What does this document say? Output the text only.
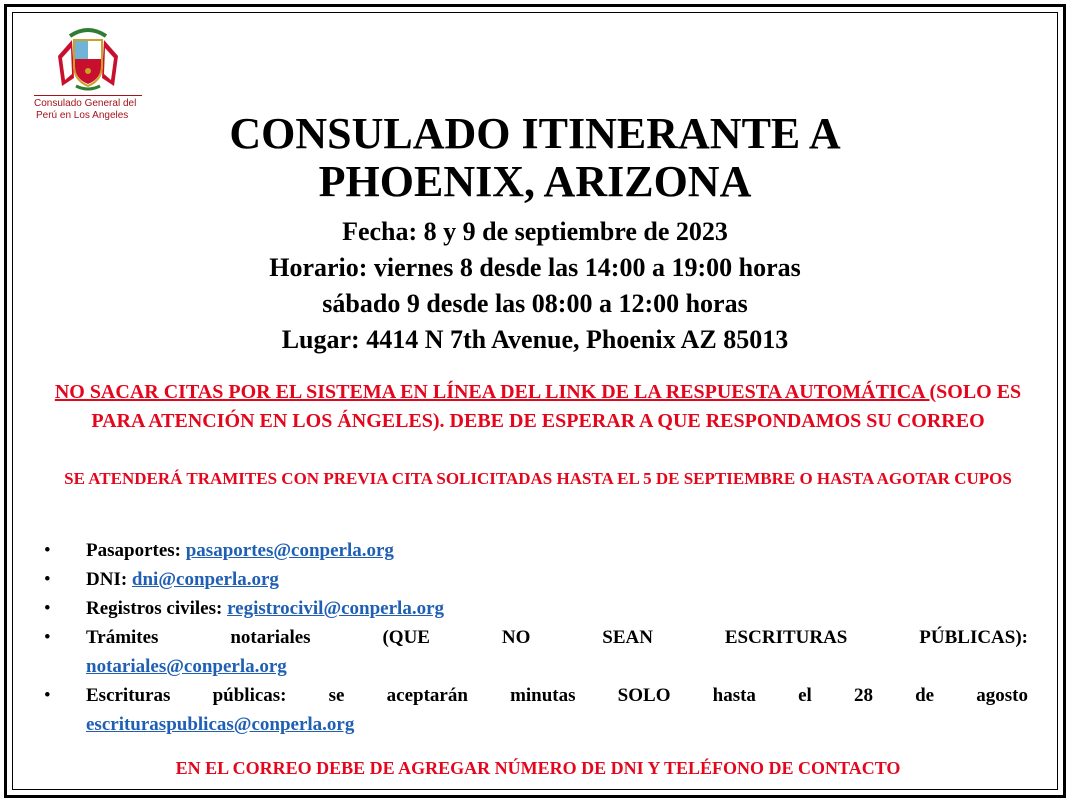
Consulado General del
Perú en Los Angeles	CONSULADO ITINERANTE A
PHOENIX, ARIZONA
Fecha: 8 y 9 de septiembre de 2023
Horario: viernes 8 desde las 14:00 a 19:00 horas
sábado 9 desde las 08:00 a 12:00 horas
Lugar: 4414 N 7th Avenue, Phoenix AZ 85013
NO SACAR CITAS POR EL SISTEMA EN LÍNEA DEL LINK DE LA RESPUESTA AUTOMÁTICA (SOLO ES PARA ATENCIÓN EN LOS ÁNGELES). DEBE DE ESPERAR A QUE RESPONDAMOS SU CORREO
SE ATENDERÁ TRAMITES CON PREVIA CITA SOLICITADAS HASTA EL 5 DE SEPTIEMBRE O HASTA AGOTAR CUPOS
• Pasaportes: pasaportes@conperla.org
• DNI: dni@conperla.org
• Registros civiles: registrocivil@conperla.org
• Trámites notariales (QUE NO SEAN ESCRITURAS PÚBLICAS):
notariales@conperla.org
• Escrituras públicas: se aceptarán minutas SOLO hasta el 28 de agosto
escrituraspublicas@conperla.org
EN EL CORREO DEBE DE AGREGAR NÚMERO DE DNI Y TELÉFONO DE CONTACTO
